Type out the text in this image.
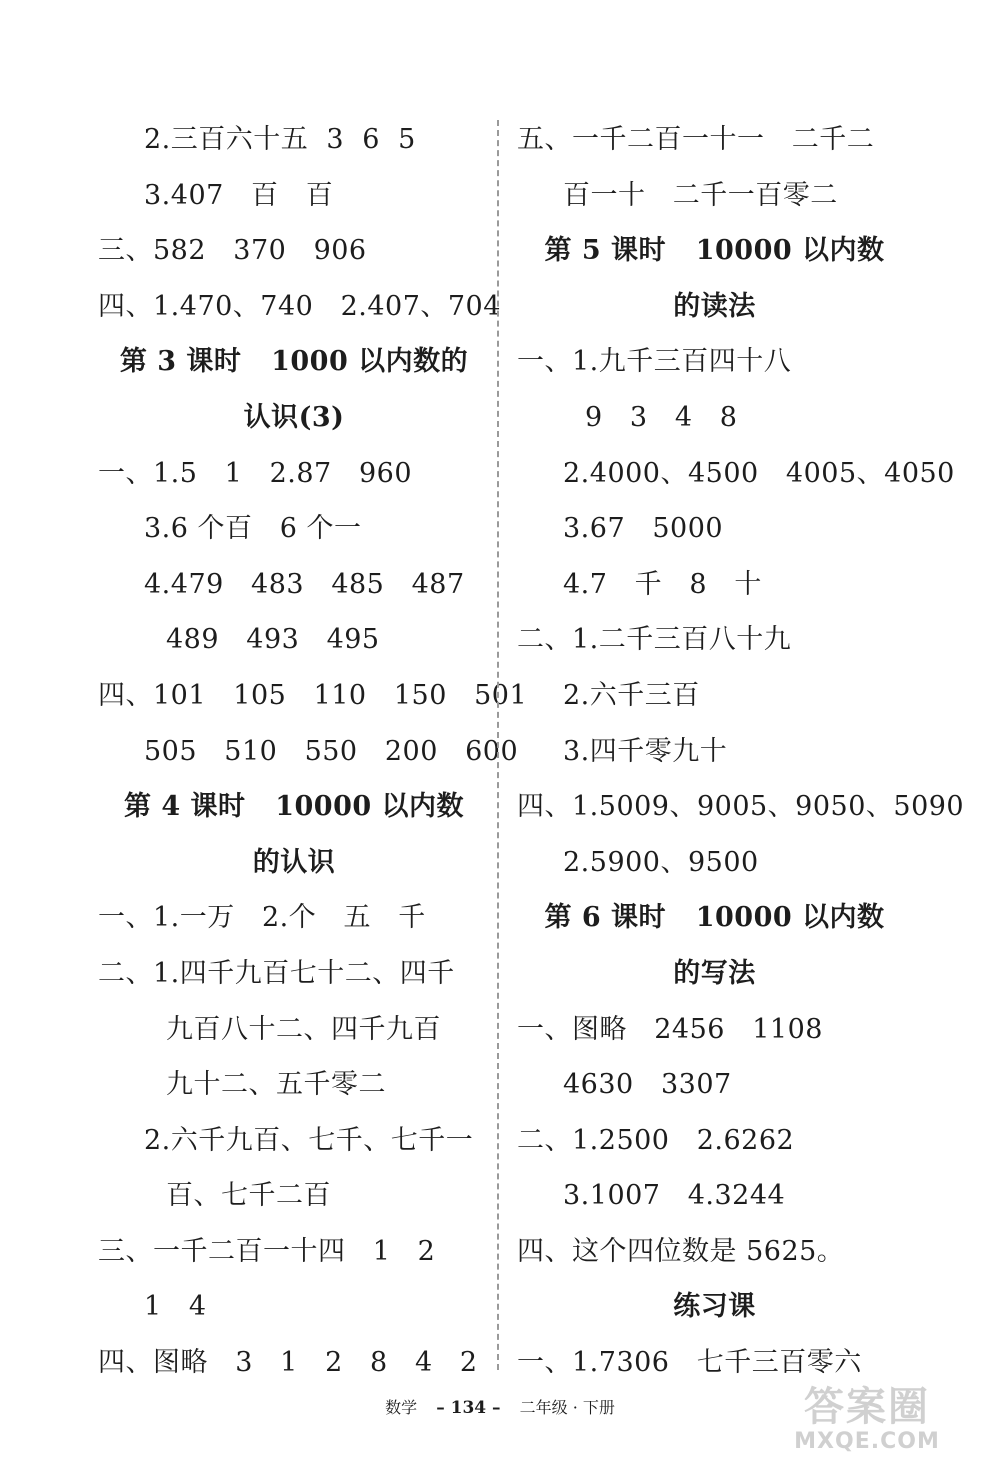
2.三百六十五  3  6  5
3.407   百   百
三、582   370   906
四、1.470、740   2.407、704
第 3 课时   1000 以内数的
认识(3)
一、1.5   1   2.87   960
3.6 个百   6 个一
4.479   483   485   487
489   493   495
四、101   105   110   150   501
505   510   550   200   600
第 4 课时   10000 以内数
的认识
一、1.一万   2.个   五   千
二、1.四千九百七十二、四千
九百八十二、四千九百
九十二、五千零二
2.六千九百、七千、七千一
百、七千二百
三、一千二百一十四   1   2
1   4
四、图略   3   1   2   8   4   2
五、一千二百一十一   二千二
百一十   二千一百零二
第 5 课时   10000 以内数
的读法
一、1.九千三百四十八
9   3   4   8
2.4000、4500   4005、4050
3.67   5000
4.7   千   8   十
二、1.二千三百八十九
2.六千三百
3.四千零九十
四、1.5009、9005、9050、5090
2.5900、9500
第 6 课时   10000 以内数
的写法
一、图略   2456   1108
4630   3307
二、1.2500   2.6262
3.1007   4.3244
四、这个四位数是 5625。
练习课
一、1.7306   七千三百零六
数学 – 134 – 二年级 · 下册	答案圈
MXQE.COM
